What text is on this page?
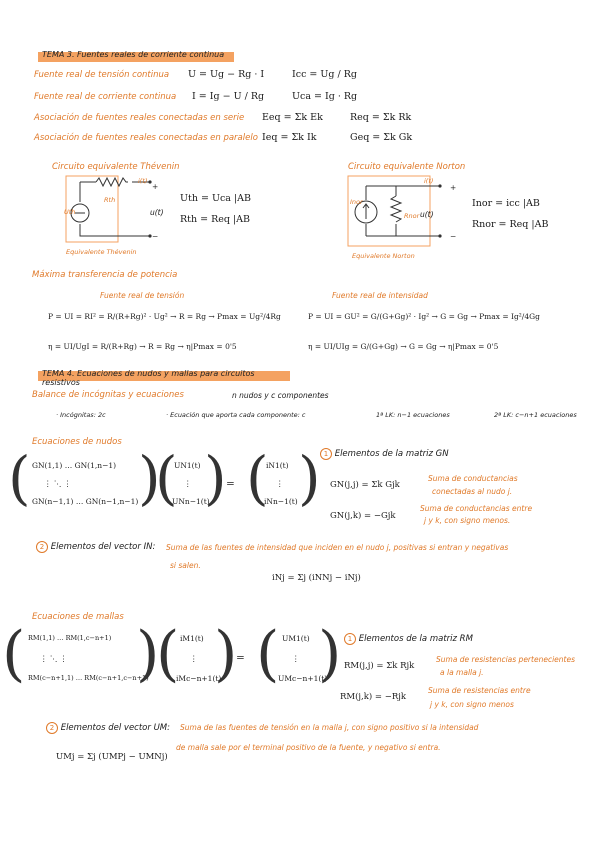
TEMA 3. Fuentes reales de corriente continua
Fuente real de tensión continua U = Ug − Rg · I	Icc = Ug / Rg
Fuente real de corriente continua I = Ig − U / Rg	Uca = Ig · Rg
Asociación de fuentes reales conectadas en serie Eeq = Σk Ek	Req = Σk Rk
Asociación de fuentes reales conectadas en paralelo Ieq = Σk Ik	Geq = Σk Gk
Circuito equivalente Thévenin
Uth
Rth
i(t)
+
u(t)
−
Equivalente Thévenin
Uth = Uca |AB
Rth = Req |AB
Circuito equivalente Norton
Inor
Rnor
i(t)
+
u(t)
−
Equivalente Norton
Inor = icc |AB
Rnor = Req |AB
Máxima transferencia de potencia
Fuente real de tensión	Fuente real de intensidad
P = UI = RI² = R/(R+Rg)² · Ug² → R = Rg → Pmax = Ug²/4Rg	P = UI = GU² = G/(G+Gg)² · Ig² → G = Gg → Pmax = Ig²/4Gg
η = UI/UgI = R/(R+Rg) → R = Rg → η|Pmax = 0'5	η = UI/UIg = G/(G+Gg) → G = Gg → η|Pmax = 0'5
TEMA 4. Ecuaciones de nudos y mallas para circuitos resistivos
Balance de incógnitas y ecuaciones	n nudos y c componentes
· Incógnitas: 2c	· Ecuación que aporta cada componente: c	1ª LK: n−1 ecuaciones	2ª LK: c−n+1 ecuaciones
Ecuaciones de nudos
( GN(1,1) … GN(1,n−1)
⋮ ⋱ ⋮
GN(n−1,1) … GN(n−1,n−1) )
(
UN1(t)
⋮
UNn−1(t)
) = (
iN1(t)
⋮
iNn−1(t) ) 1 Elementos de la matriz GN
GN(j,j) = Σk Gjk
Suma de conductancias
conectadas al nudo j.
GN(j,k) = −Gjk
Suma de conductancias entre
j y k, con signo menos.
2 Elementos del vector IN: Suma de las fuentes de intensidad que inciden en el nudo j, positivas si entran y negativas
si salen.
iNj = Σj (iNNj − iNj)
Ecuaciones de mallas
( RM(1,1) … RM(1,c−n+1)
⋮ ⋱ ⋮
RM(c−n+1,1) … RM(c−n+1,c−n+1)
)
( iM1(t)
⋮
iMc−n+1(t)
)
= ( UM1(t)
⋮
UMc−n+1(t)
) 1 Elementos de la matriz RM
RM(j,j) = Σk Rjk
Suma de resistencias pertenecientes
a la malla j.
RM(j,k) = −Rjk
Suma de resistencias entre
j y k, con signo menos
2 Elementos del vector UM: Suma de las fuentes de tensión en la malla j, con signo positivo si la intensidad
de malla sale por el terminal positivo de la fuente, y negativo si entra.
UMj = Σj (UMPj − UMNj)
